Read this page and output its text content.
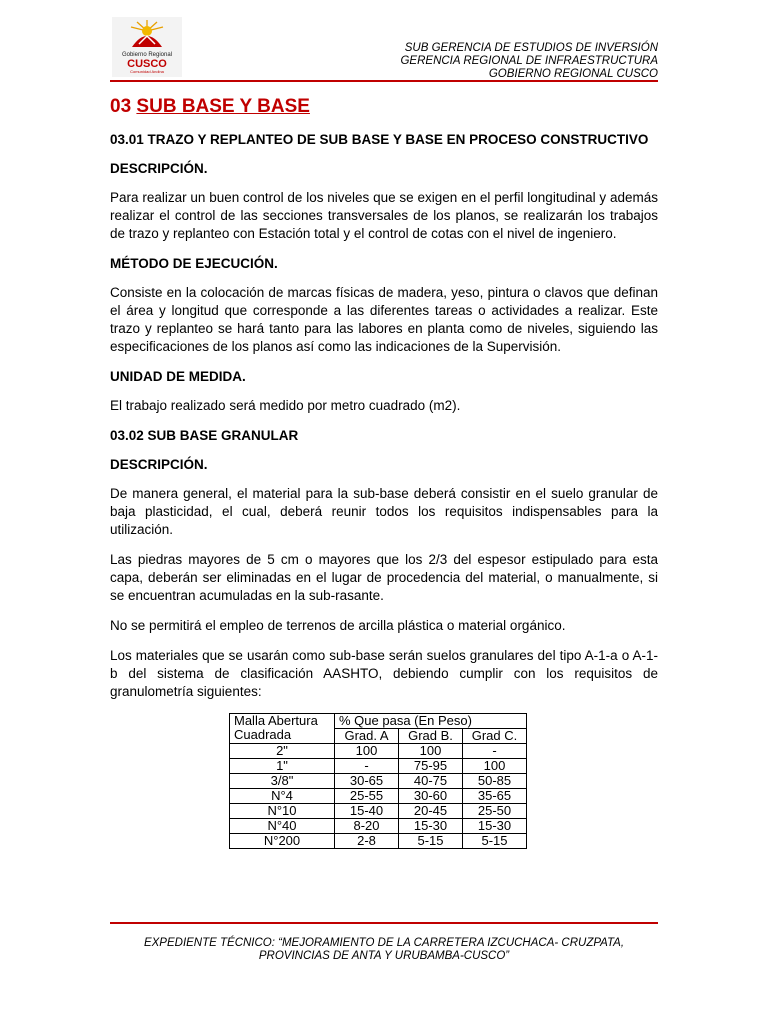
Gobierno Regional
CUSCO
Comunidad Andina
SUB GERENCIA DE ESTUDIOS DE INVERSIÓN
GERENCIA REGIONAL DE INFRAESTRUCTURA
GOBIERNO REGIONAL CUSCO
03 SUB BASE Y BASE
03.01 TRAZO Y REPLANTEO DE SUB BASE Y BASE EN PROCESO CONSTRUCTIVO
DESCRIPCIÓN.

Para realizar un buen control de los niveles que se exigen en el perfil longitudinal y además realizar el control de las secciones transversales de los planos, se realizarán los trabajos de trazo y replanteo con Estación total y el control de cotas con el nivel de ingeniero.

MÉTODO DE EJECUCIÓN.

Consiste en la colocación de marcas físicas de madera, yeso, pintura o clavos que definan el área y longitud que corresponde a las diferentes tareas o actividades a realizar. Este trazo y replanteo se hará tanto para las labores en planta como de niveles, siguiendo las especificaciones de los planos así como las indicaciones de la Supervisión.

UNIDAD DE MEDIDA.

El trabajo realizado será medido por metro cuadrado (m2).

03.02 SUB BASE GRANULAR
DESCRIPCIÓN.

De manera general, el material para la sub-base deberá consistir en el suelo granular de baja plasticidad, el cual, deberá reunir todos los requisitos indispensables para la utilización.

Las piedras mayores de 5 cm o mayores que los 2/3 del espesor estipulado para esta capa, deberán ser eliminadas en el lugar de procedencia del material, o manualmente, si se encuentran acumuladas en la sub-rasante.

No se permitirá el empleo de terrenos de arcilla plástica o material orgánico.

Los materiales que se usarán como sub-base serán suelos granulares del tipo A-1-a o A-1-b del sistema de clasificación AASHTO, debiendo cumplir con los requisitos de granulometría siguientes:

Malla Abertura
Cuadrada	% Que pasa (En Peso)		
	Grad. A	Grad B.	Grad C.
2"	100	100	-
1"	-	75-95	100
3/8"	30-65	40-75	50-85
N°4	25-55	30-60	35-65
N°10	15-40	20-45	25-50
N°40	8-20	15-30	15-30
N°200	2-8	5-15	5-15
EXPEDIENTE TÉCNICO: “MEJORAMIENTO DE LA CARRETERA IZCUCHACA- CRUZPATA,
PROVINCIAS DE ANTA Y URUBAMBA-CUSCO”
